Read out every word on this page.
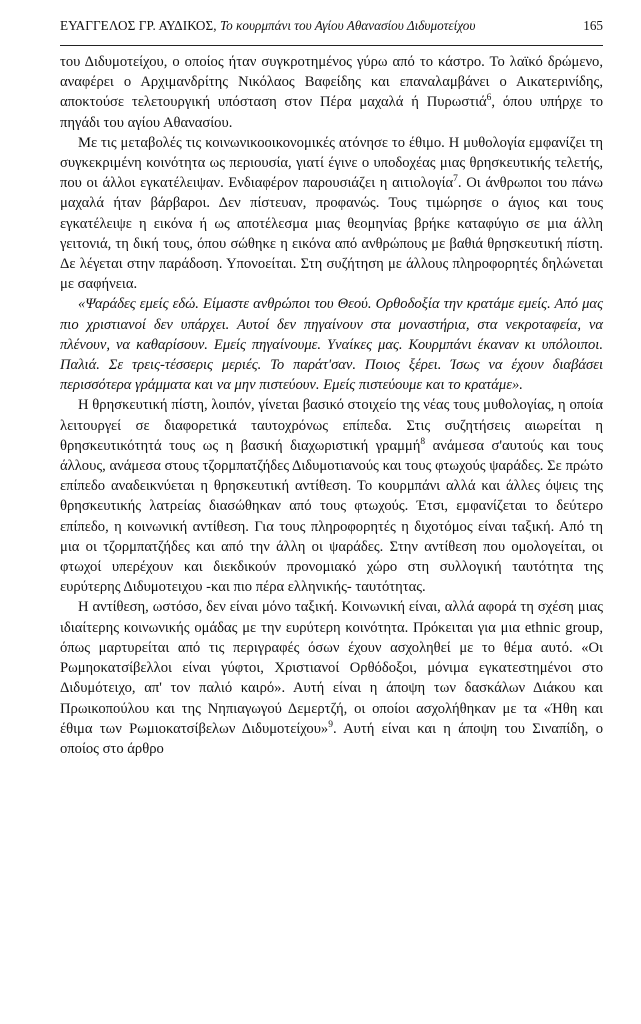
ΕΥΑΓΓΕΛΟΣ ΓΡ. ΑΥΔΙΚΟΣ, Το κουρμπάνι του Αγίου Αθανασίου Διδυμοτείχου	165

του Διδυμοτείχου, ο οποίος ήταν συγκροτημένος γύρω από το κάστρο. Το λαϊκό δρώμενο, αναφέρει ο Αρχιμανδρίτης Νικόλαος Βαφείδης και επαναλαμβάνει ο Αικατερινίδης, αποκτούσε τελετουργική υπόσταση στον Πέρα μαχαλά ή Πυρωστιά$^6$, όπου υπήρχε το πηγάδι του αγίου Αθανασίου.

Με τις μεταβολές τις κοινωνικοοικονομικές ατόνησε το έθιμο. Η μυθολογία εμφανίζει τη συγκεκριμένη κοινότητα ως περιουσία, γιατί έγινε ο υποδοχέας μιας θρησκευτικής τελετής, που οι άλλοι εγκατέλειψαν. Ενδιαφέρον παρουσιάζει η αιτιολογία$^7$. Οι άνθρωποι του πάνω μαχαλά ήταν βάρβαροι. Δεν πίστευαν, προφανώς. Τους τιμώρησε ο άγιος και τους εγκατέλειψε η εικόνα ή ως αποτέλεσμα μιας θεομηνίας βρήκε καταφύγιο σε μια άλλη γειτονιά, τη δική τους, όπου σώθηκε η εικόνα από ανθρώπους με βαθιά θρησκευτική πίστη. Δε λέγεται στην παράδοση. Υπονοείται. Στη συζήτηση με άλλους πληροφορητές δηλώνεται με σαφήνεια.

«Ψαράδες εμείς εδώ. Είμαστε ανθρώποι του Θεού. Ορθοδοξία την κρατάμε εμείς. Από μας πιο χριστιανοί δεν υπάρχει. Αυτοί δεν πηγαίνουν στα μοναστήρια, στα νεκροταφεία, να πλένουν, να καθαρίσουν. Εμείς πηγαίνουμε. Υναίκες μας. Κουρμπάνι έκαναν κι υπόλοιποι. Παλιά. Σε τρεις-τέσσερις μεριές. Το παράτ'σαν. Ποιος ξέρει. Ίσως να έχουν διαβάσει περισσότερα γράμματα και να μην πιστεύουν. Εμείς πιστεύουμε και το κρατάμε».

Η θρησκευτική πίστη, λοιπόν, γίνεται βασικό στοιχείο της νέας τους μυθολογίας, η οποία λειτουργεί σε διαφορετικά ταυτοχρόνως επίπεδα. Στις συζητήσεις αιωρείται η θρησκευτικότητά τους ως η βασική διαχωριστική γραμμή$^8$ ανάμεσα σ'αυτούς και τους άλλους, ανάμεσα στους τζορμπατζήδες Διδυμοτιανούς και τους φτωχούς ψαράδες. Σε πρώτο επίπεδο αναδεικνύεται η θρησκευτική αντίθεση. Το κουρμπάνι αλλά και άλλες όψεις της θρησκευτικής λατρείας διασώθηκαν από τους φτωχούς. Έτσι, εμφανίζεται το δεύτερο επίπεδο, η κοινωνική αντίθεση. Για τους πληροφορητές η διχοτόμος είναι ταξική. Από τη μια οι τζορμπατζήδες και από την άλλη οι ψαράδες. Στην αντίθεση που ομολογείται, οι φτωχοί υπερέχουν και διεκδικούν προνομιακό χώρο στη συλλογική ταυτότητα της ευρύτερης Διδυμοτειχου -και πιο πέρα ελληνικής- ταυτότητας.

Η αντίθεση, ωστόσο, δεν είναι μόνο ταξική. Κοινωνική είναι, αλλά αφορά τη σχέση μιας ιδιαίτερης κοινωνικής ομάδας με την ευρύτερη κοινότητα. Πρόκειται για μια ethnic group, όπως μαρτυρείται από τις περιγραφές όσων έχουν ασχοληθεί με το θέμα αυτό. «Οι Ρωμηοκατσίβελλοι είναι γύφτοι, Χριστιανοί Ορθόδοξοι, μόνιμα εγκατεστημένοι στο Διδυμότειχο, απ' τον παλιό καιρό». Αυτή είναι η άποψη των δασκάλων Διάκου και Πρωικοπούλου και της Νηπιαγωγού Δεμερτζή, οι οποίοι ασχολήθηκαν με τα «Ήθη και έθιμα των Ρωμιοκατσίβελων Διδυμοτείχου»$^9$. Αυτή είναι και η άποψη του Σιναπίδη, ο οποίος στο άρθρο
